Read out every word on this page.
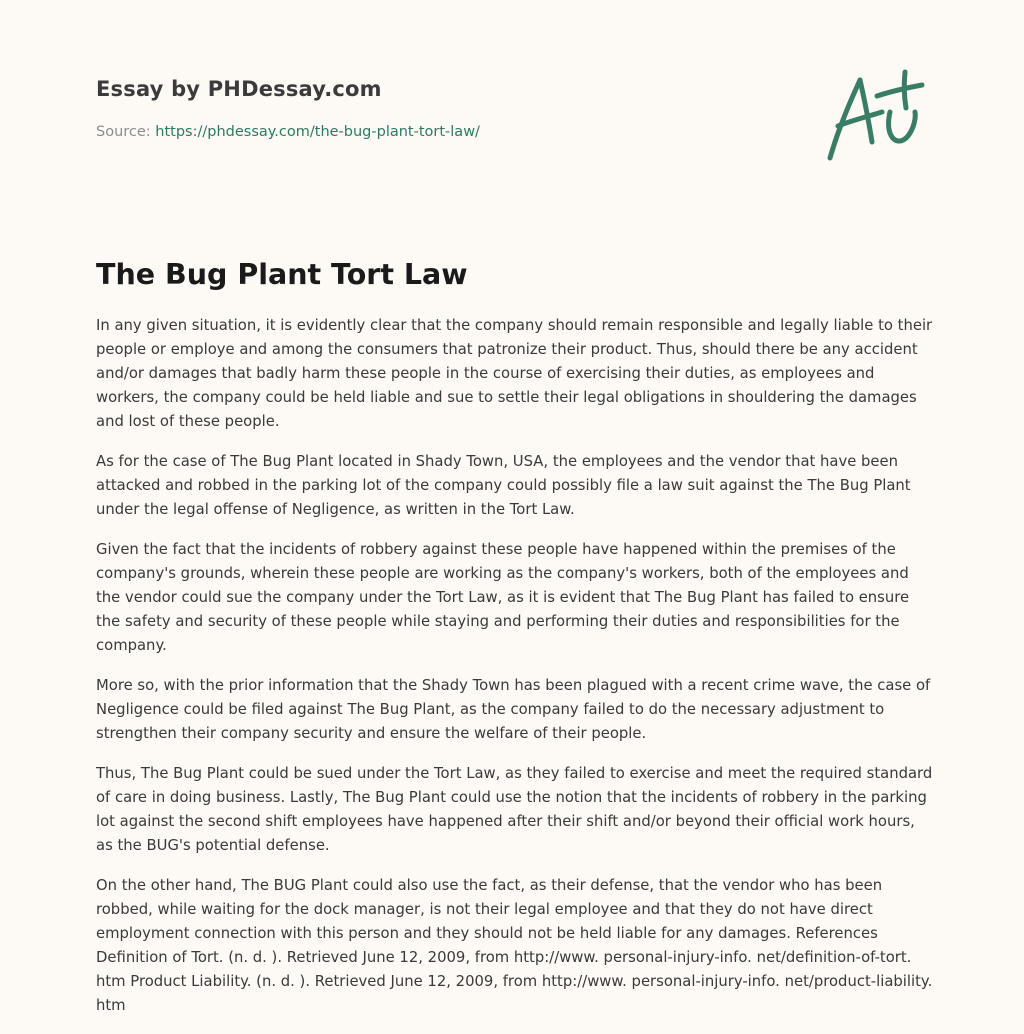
Essay by PHDessay.com
Source: https://phdessay.com/the-bug-plant-tort-law/
The Bug Plant Tort Law

In any given situation, it is evidently clear that the company should remain responsible and legally liable to their people or employe and among the consumers that patronize their product. Thus, should there be any accident and/or damages that badly harm these people in the course of exercising their duties, as employees and workers, the company could be held liable and sue to settle their legal obligations in shouldering the damages and lost of these people.

As for the case of The Bug Plant located in Shady Town, USA, the employees and the vendor that have been attacked and robbed in the parking lot of the company could possibly file a law suit against the The Bug Plant under the legal offense of Negligence, as written in the Tort Law.

Given the fact that the incidents of robbery against these people have happened within the premises of the company's grounds, wherein these people are working as the company's workers, both of the employees and the vendor could sue the company under the Tort Law, as it is evident that The Bug Plant has failed to ensure the safety and security of these people while staying and performing their duties and responsibilities for the company.

More so, with the prior information that the Shady Town has been plagued with a recent crime wave, the case of Negligence could be filed against The Bug Plant, as the company failed to do the necessary adjustment to strengthen their company security and ensure the welfare of their people.

Thus, The Bug Plant could be sued under the Tort Law, as they failed to exercise and meet the required standard of care in doing business. Lastly, The Bug Plant could use the notion that the incidents of robbery in the parking lot against the second shift employees have happened after their shift and/or beyond their official work hours, as the BUG's potential defense.

On the other hand, The BUG Plant could also use the fact, as their defense, that the vendor who has been robbed, while waiting for the dock manager, is not their legal employee and that they do not have direct employment connection with this person and they should not be held liable for any damages. References Definition of Tort. (n. d. ). Retrieved June 12, 2009, from http://www. personal-injury-info. net/definition-of-tort. htm Product Liability. (n. d. ). Retrieved June 12, 2009, from http://www. personal-injury-info. net/product-liability. htm
